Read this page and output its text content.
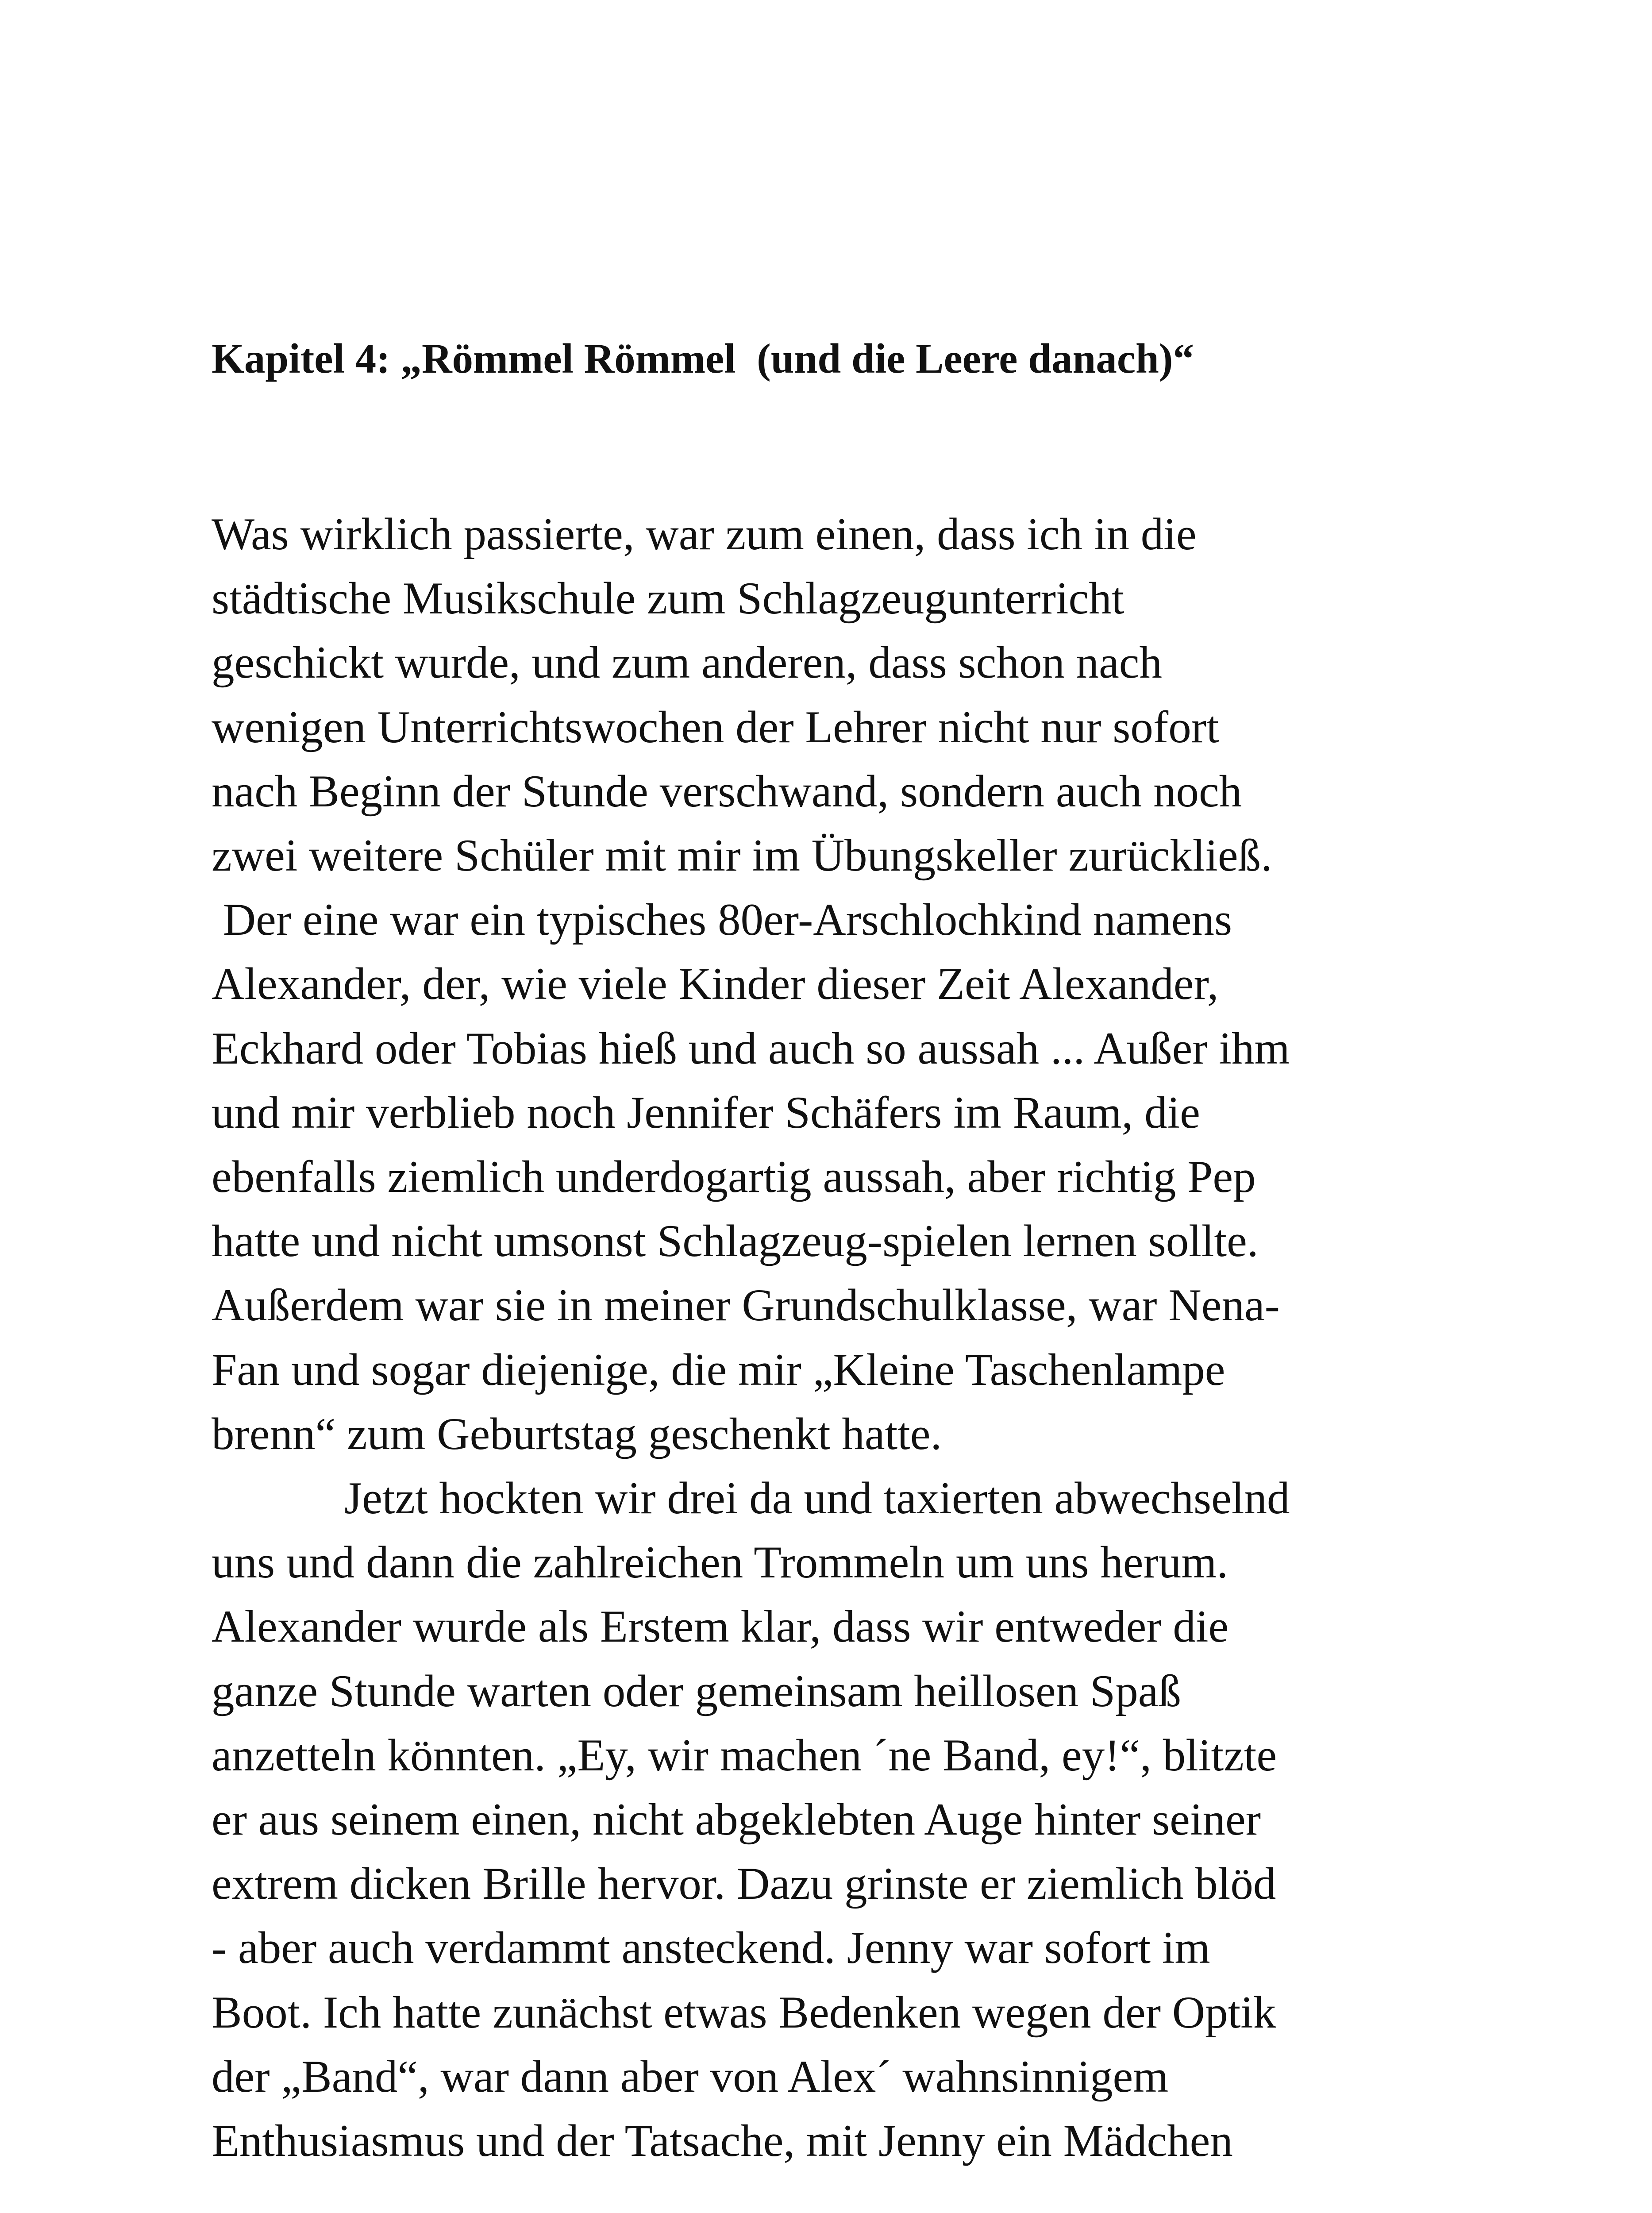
Kapitel 4: „Römmel Römmel  (und die Leere danach)“

Was wirklich passierte, war zum einen, dass ich in die

städtische Musikschule zum Schlagzeugunterricht

geschickt wurde, und zum anderen, dass schon nach

wenigen Unterrichtswochen der Lehrer nicht nur sofort

nach Beginn der Stunde verschwand, sondern auch noch

zwei weitere Schüler mit mir im Übungskeller zurückließ.

Der eine war ein typisches 80er-Arschlochkind namens

Alexander, der, wie viele Kinder dieser Zeit Alexander,

Eckhard oder Tobias hieß und auch so aussah ... Außer ihm

und mir verblieb noch Jennifer Schäfers im Raum, die

ebenfalls ziemlich underdogartig aussah, aber richtig Pep

hatte und nicht umsonst Schlagzeug-spielen lernen sollte.

Außerdem war sie in meiner Grundschulklasse, war Nena-

Fan und sogar diejenige, die mir „Kleine Taschenlampe

brenn“ zum Geburtstag geschenkt hatte.

Jetzt hockten wir drei da und taxierten abwechselnd

uns und dann die zahlreichen Trommeln um uns herum.

Alexander wurde als Erstem klar, dass wir entweder die

ganze Stunde warten oder gemeinsam heillosen Spaß

anzetteln könnten. „Ey, wir machen ´ne Band, ey!“, blitzte

er aus seinem einen, nicht abgeklebten Auge hinter seiner

extrem dicken Brille hervor. Dazu grinste er ziemlich blöd

- aber auch verdammt ansteckend. Jenny war sofort im

Boot. Ich hatte zunächst etwas Bedenken wegen der Optik

der „Band“, war dann aber von Alex´ wahnsinnigem

Enthusiasmus und der Tatsache, mit Jenny ein Mädchen
